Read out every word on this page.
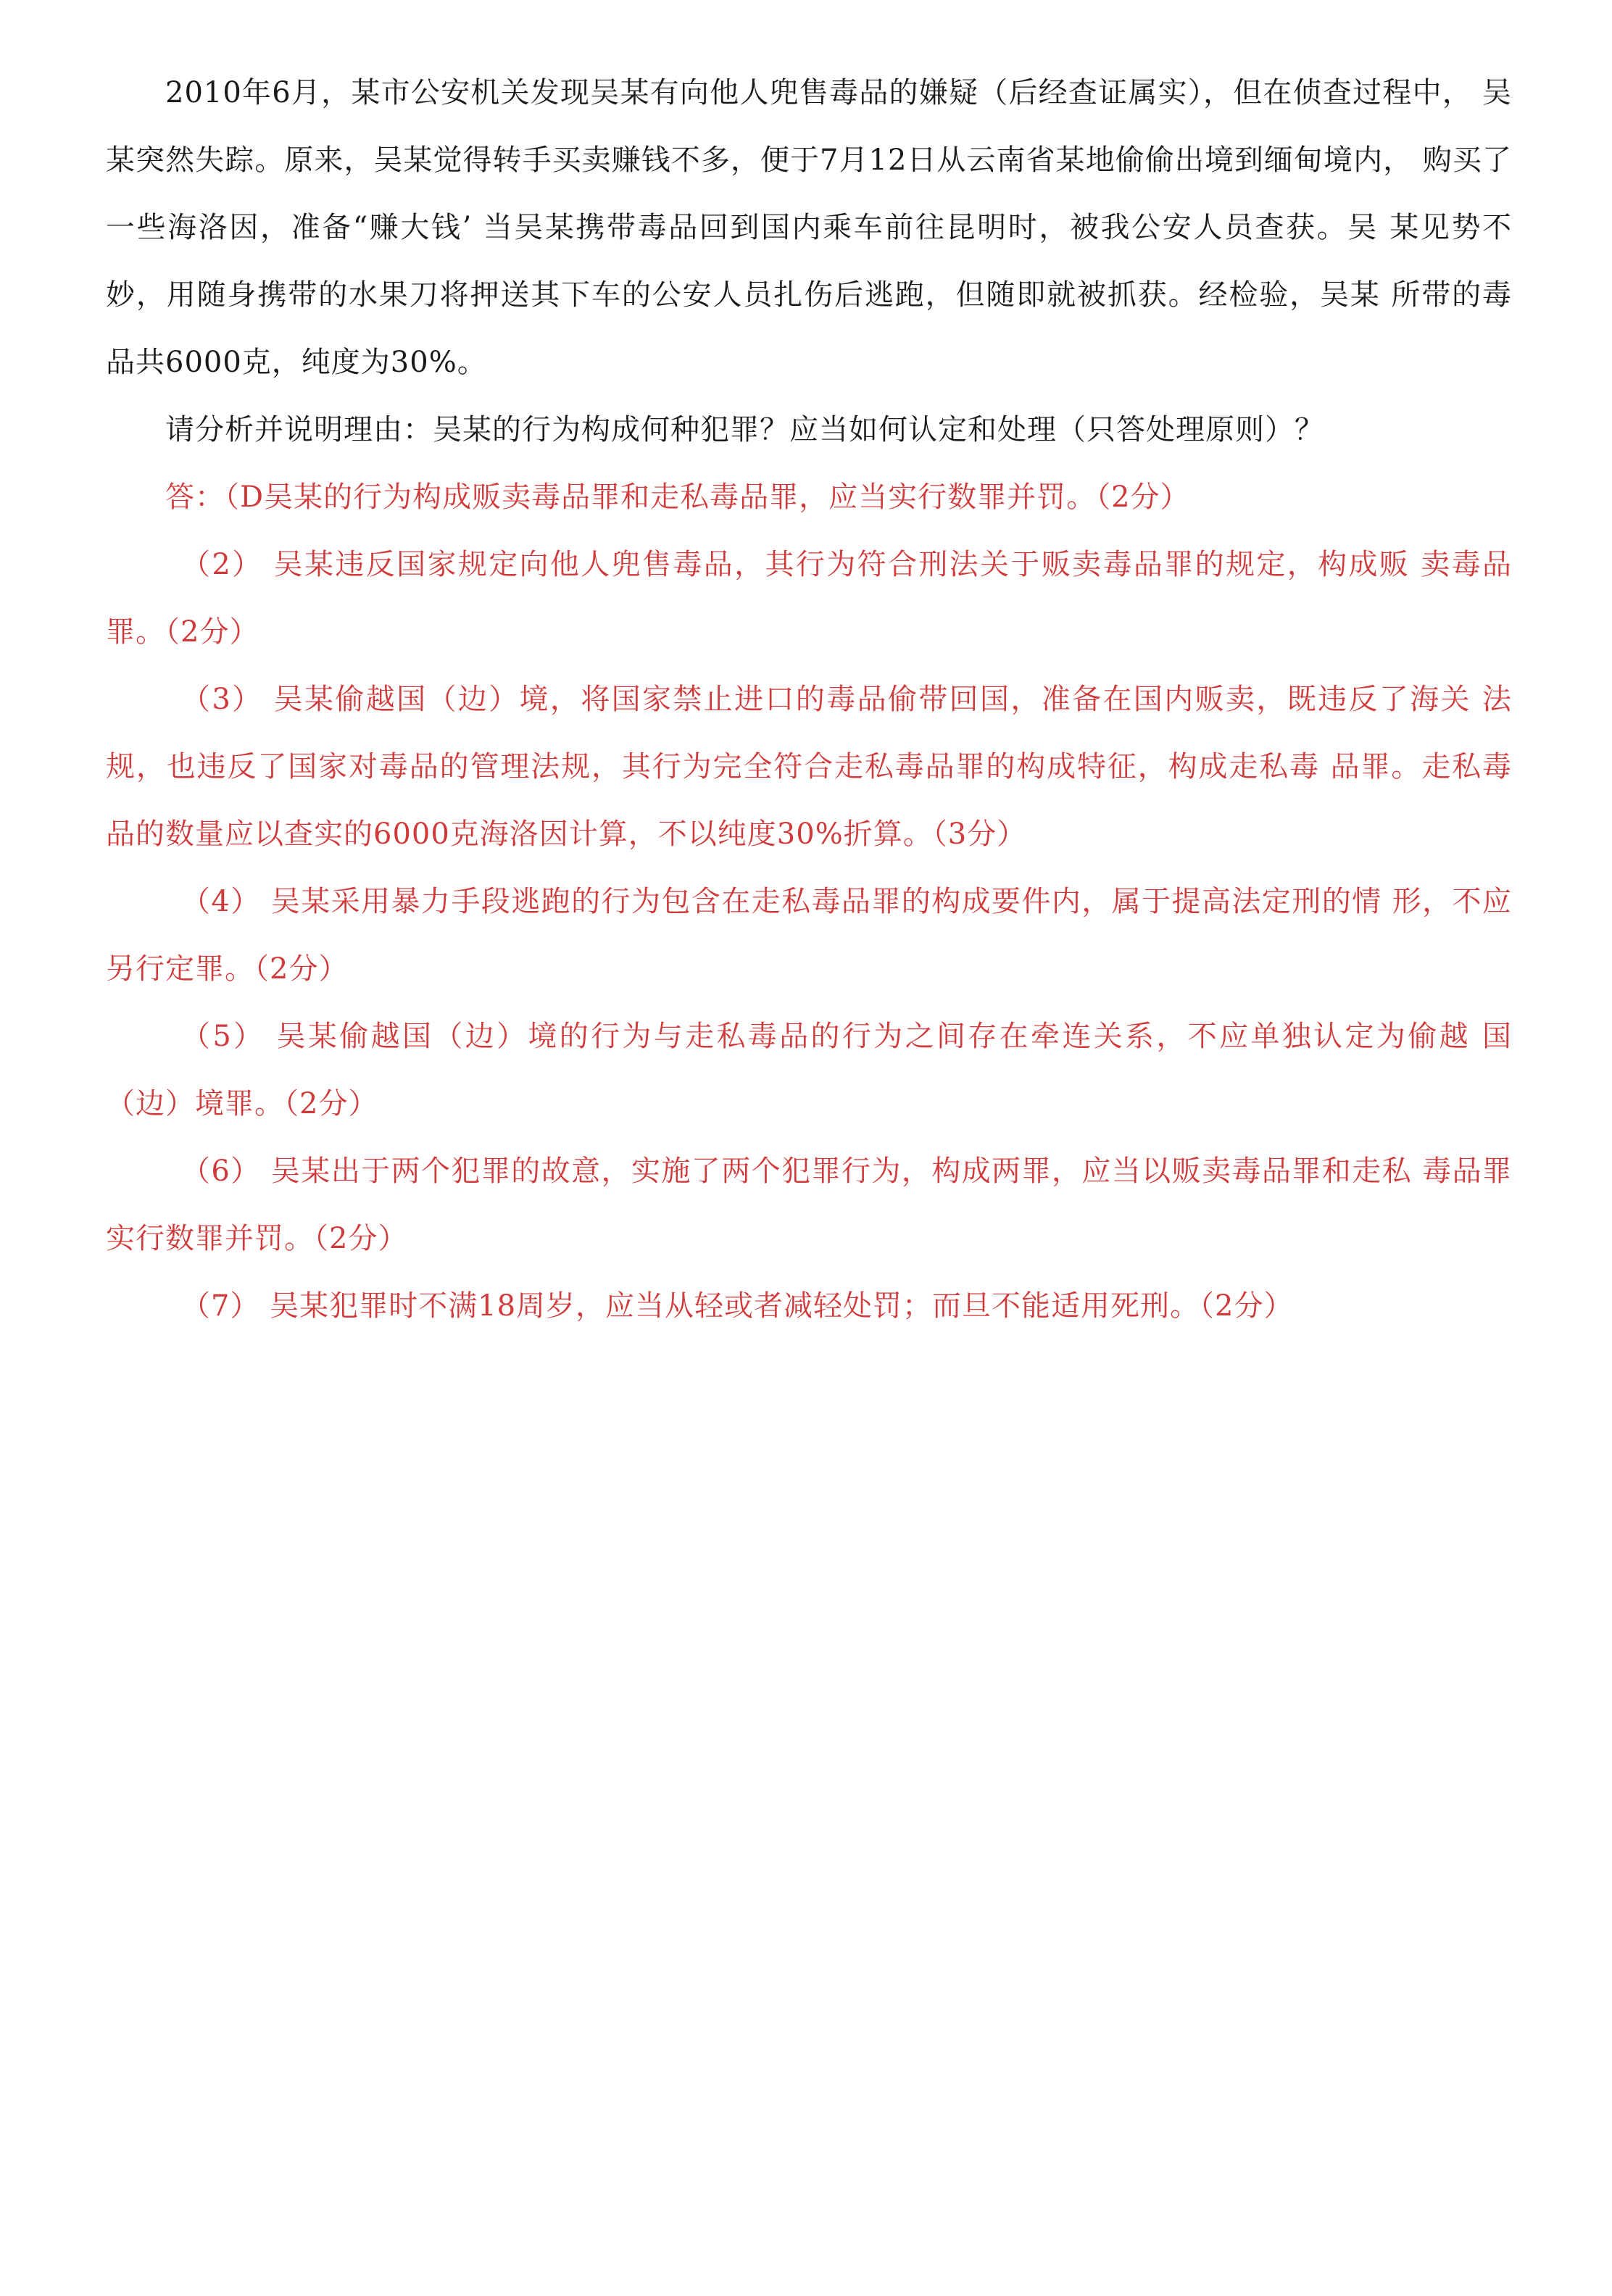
2010年6月，某市公安机关发现吴某有向他人兜售毒品的嫌疑（后经查证属实），但在侦查过程中， 吴某突然失踪。原来，吴某觉得转手买卖赚钱不多，便于7月12日从云南省某地偷偷出境到缅甸境内， 购买了一些海洛因，准备“赚大钱’ 当吴某携带毒品回到国内乘车前往昆明时，被我公安人员查获。吴 某见势不妙，用随身携带的水果刀将押送其下车的公安人员扎伤后逃跑，但随即就被抓获。经检验，吴某 所带的毒品共6000克，纯度为30%。

请分析并说明理由：吴某的行为构成何种犯罪？应当如何认定和处理（只答处理原则）？

答：（D吴某的行为构成贩卖毒品罪和走私毒品罪，应当实行数罪并罚。（2分）

（2） 吴某违反国家规定向他人兜售毒品，其行为符合刑法关于贩卖毒品罪的规定，构成贩 卖毒品罪。（2分）

（3） 吴某偷越国（边）境，将国家禁止进口的毒品偷带回国，准备在国内贩卖，既违反了海关 法规，也违反了国家对毒品的管理法规，其行为完全符合走私毒品罪的构成特征，构成走私毒 品罪。走私毒品的数量应以查实的6000克海洛因计算，不以纯度30%折算。（3分）

（4） 吴某采用暴力手段逃跑的行为包含在走私毒品罪的构成要件内，属于提高法定刑的情 形，不应另行定罪。（2分）

（5） 吴某偷越国（边）境的行为与走私毒品的行为之间存在牵连关系，不应单独认定为偷越 国（边）境罪。（2分）

（6） 吴某出于两个犯罪的故意，实施了两个犯罪行为，构成两罪，应当以贩卖毒品罪和走私 毒品罪实行数罪并罚。（2分）

（7） 吴某犯罪时不满18周岁，应当从轻或者减轻处罚；而旦不能适用死刑。（2分）
